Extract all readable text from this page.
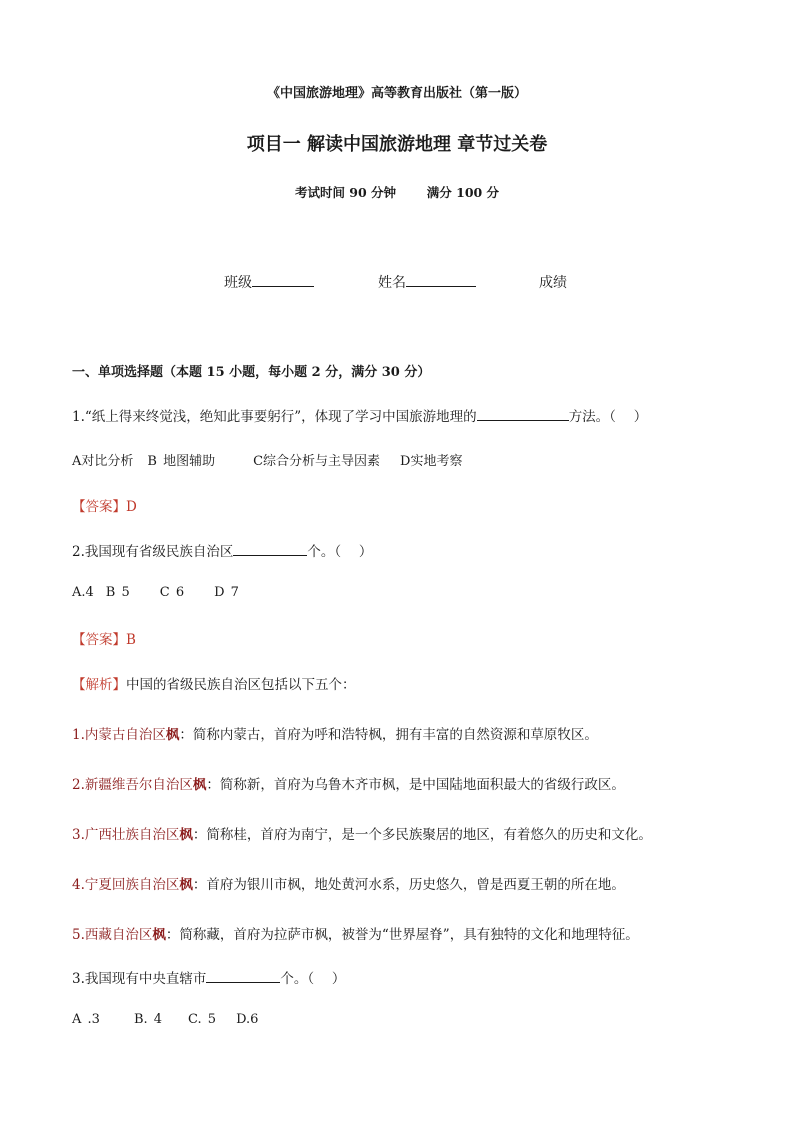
《中国旅游地理》高等教育出版社（第一版）
项目一 解读中国旅游地理 章节过关卷
考试时间 90 分钟 满分 100 分
班级	姓名	成绩
一、单项选择题（本题 15 小题，每小题 2 分，满分 30 分）
1.“纸上得来终觉浅，绝知此事要躬行”，体现了学习中国旅游地理的	方法。（　 ）
A对比分析 B 地图辅助	C综合分析与主导因素 D实地考察
【答案】D
2.我国现有省级民族自治区	个。（　 ）
A.4 B 5 C 6 D 7
【答案】B
【解析】中国的省级民族自治区包括以下五个：
1.内蒙古自治区枫：简称内蒙古，首府为呼和浩特枫，拥有丰富的自然资源和草原牧区。
2.新疆维吾尔自治区枫：简称新，首府为乌鲁木齐市枫，是中国陆地面积最大的省级行政区。
3.广西壮族自治区枫：简称桂，首府为南宁，是一个多民族聚居的地区，有着悠久的历史和文化。
4.宁夏回族自治区枫：首府为银川市枫，地处黄河水系，历史悠久，曾是西夏王朝的所在地。
5.西藏自治区枫：简称藏，首府为拉萨市枫，被誉为“世界屋脊”，具有独特的文化和地理特征。
3.我国现有中央直辖市	个。（　 ）
A .3	B. 4 C. 5 D.6
